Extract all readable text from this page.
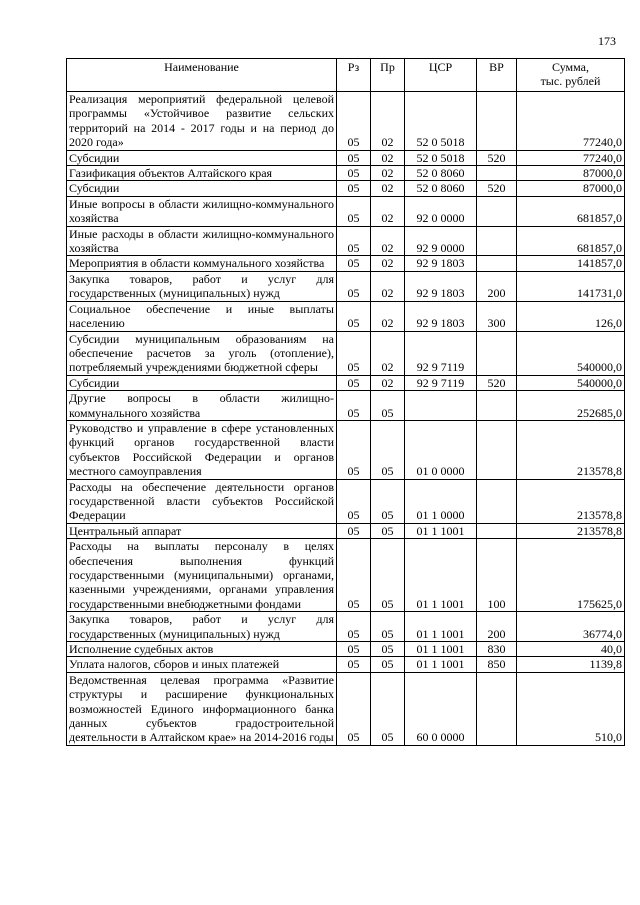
173
Наименование	Рз	Пр	ЦСР	ВР	Сумма,
тыс. рублей
Реализация мероприятий федеральной целевой программы «Устойчивое развитие сельских территорий на 2014 - 2017 годы и на период до 2020 года»	05	02	52 0 5018		77240,0
Субсидии	05	02	52 0 5018	520	77240,0
Газификация объектов Алтайского края	05	02	52 0 8060		87000,0
Субсидии	05	02	52 0 8060	520	87000,0
Иные вопросы в области жилищно-коммунального хозяйства	05	02	92 0 0000		681857,0
Иные расходы в области жилищно-коммунального хозяйства	05	02	92 9 0000		681857,0
Мероприятия в области коммунального хозяйства	05	02	92 9 1803		141857,0
Закупка товаров, работ и услуг для государственных (муниципальных) нужд	05	02	92 9 1803	200	141731,0
Социальное обеспечение и иные выплаты населению	05	02	92 9 1803	300	126,0
Субсидии муниципальным образованиям на обеспечение расчетов за уголь (отопление), потребляемый учреждениями бюджетной сферы	05	02	92 9 7119		540000,0
Субсидии	05	02	92 9 7119	520	540000,0
Другие вопросы в области жилищно-коммунального хозяйства	05	05			252685,0
Руководство и управление в сфере установленных функций органов государственной власти субъектов Российской Федерации и органов местного самоуправления	05	05	01 0 0000		213578,8
Расходы на обеспечение деятельности органов государственной власти субъектов Российской Федерации	05	05	01 1 0000		213578,8
Центральный аппарат	05	05	01 1 1001		213578,8
Расходы на выплаты персоналу в целях обеспечения выполнения функций государственными (муниципальными) органами, казенными учреждениями, органами управления государственными внебюджетными фондами	05	05	01 1 1001	100	175625,0
Закупка товаров, работ и услуг для государственных (муниципальных) нужд	05	05	01 1 1001	200	36774,0
Исполнение судебных актов	05	05	01 1 1001	830	40,0
Уплата налогов, сборов и иных платежей	05	05	01 1 1001	850	1139,8
Ведомственная целевая программа «Развитие структуры и расширение функциональных возможностей Единого информационного банка данных субъектов градостроительной деятельности в Алтайском крае» на 2014-2016 годы	05	05	60 0 0000		510,0
